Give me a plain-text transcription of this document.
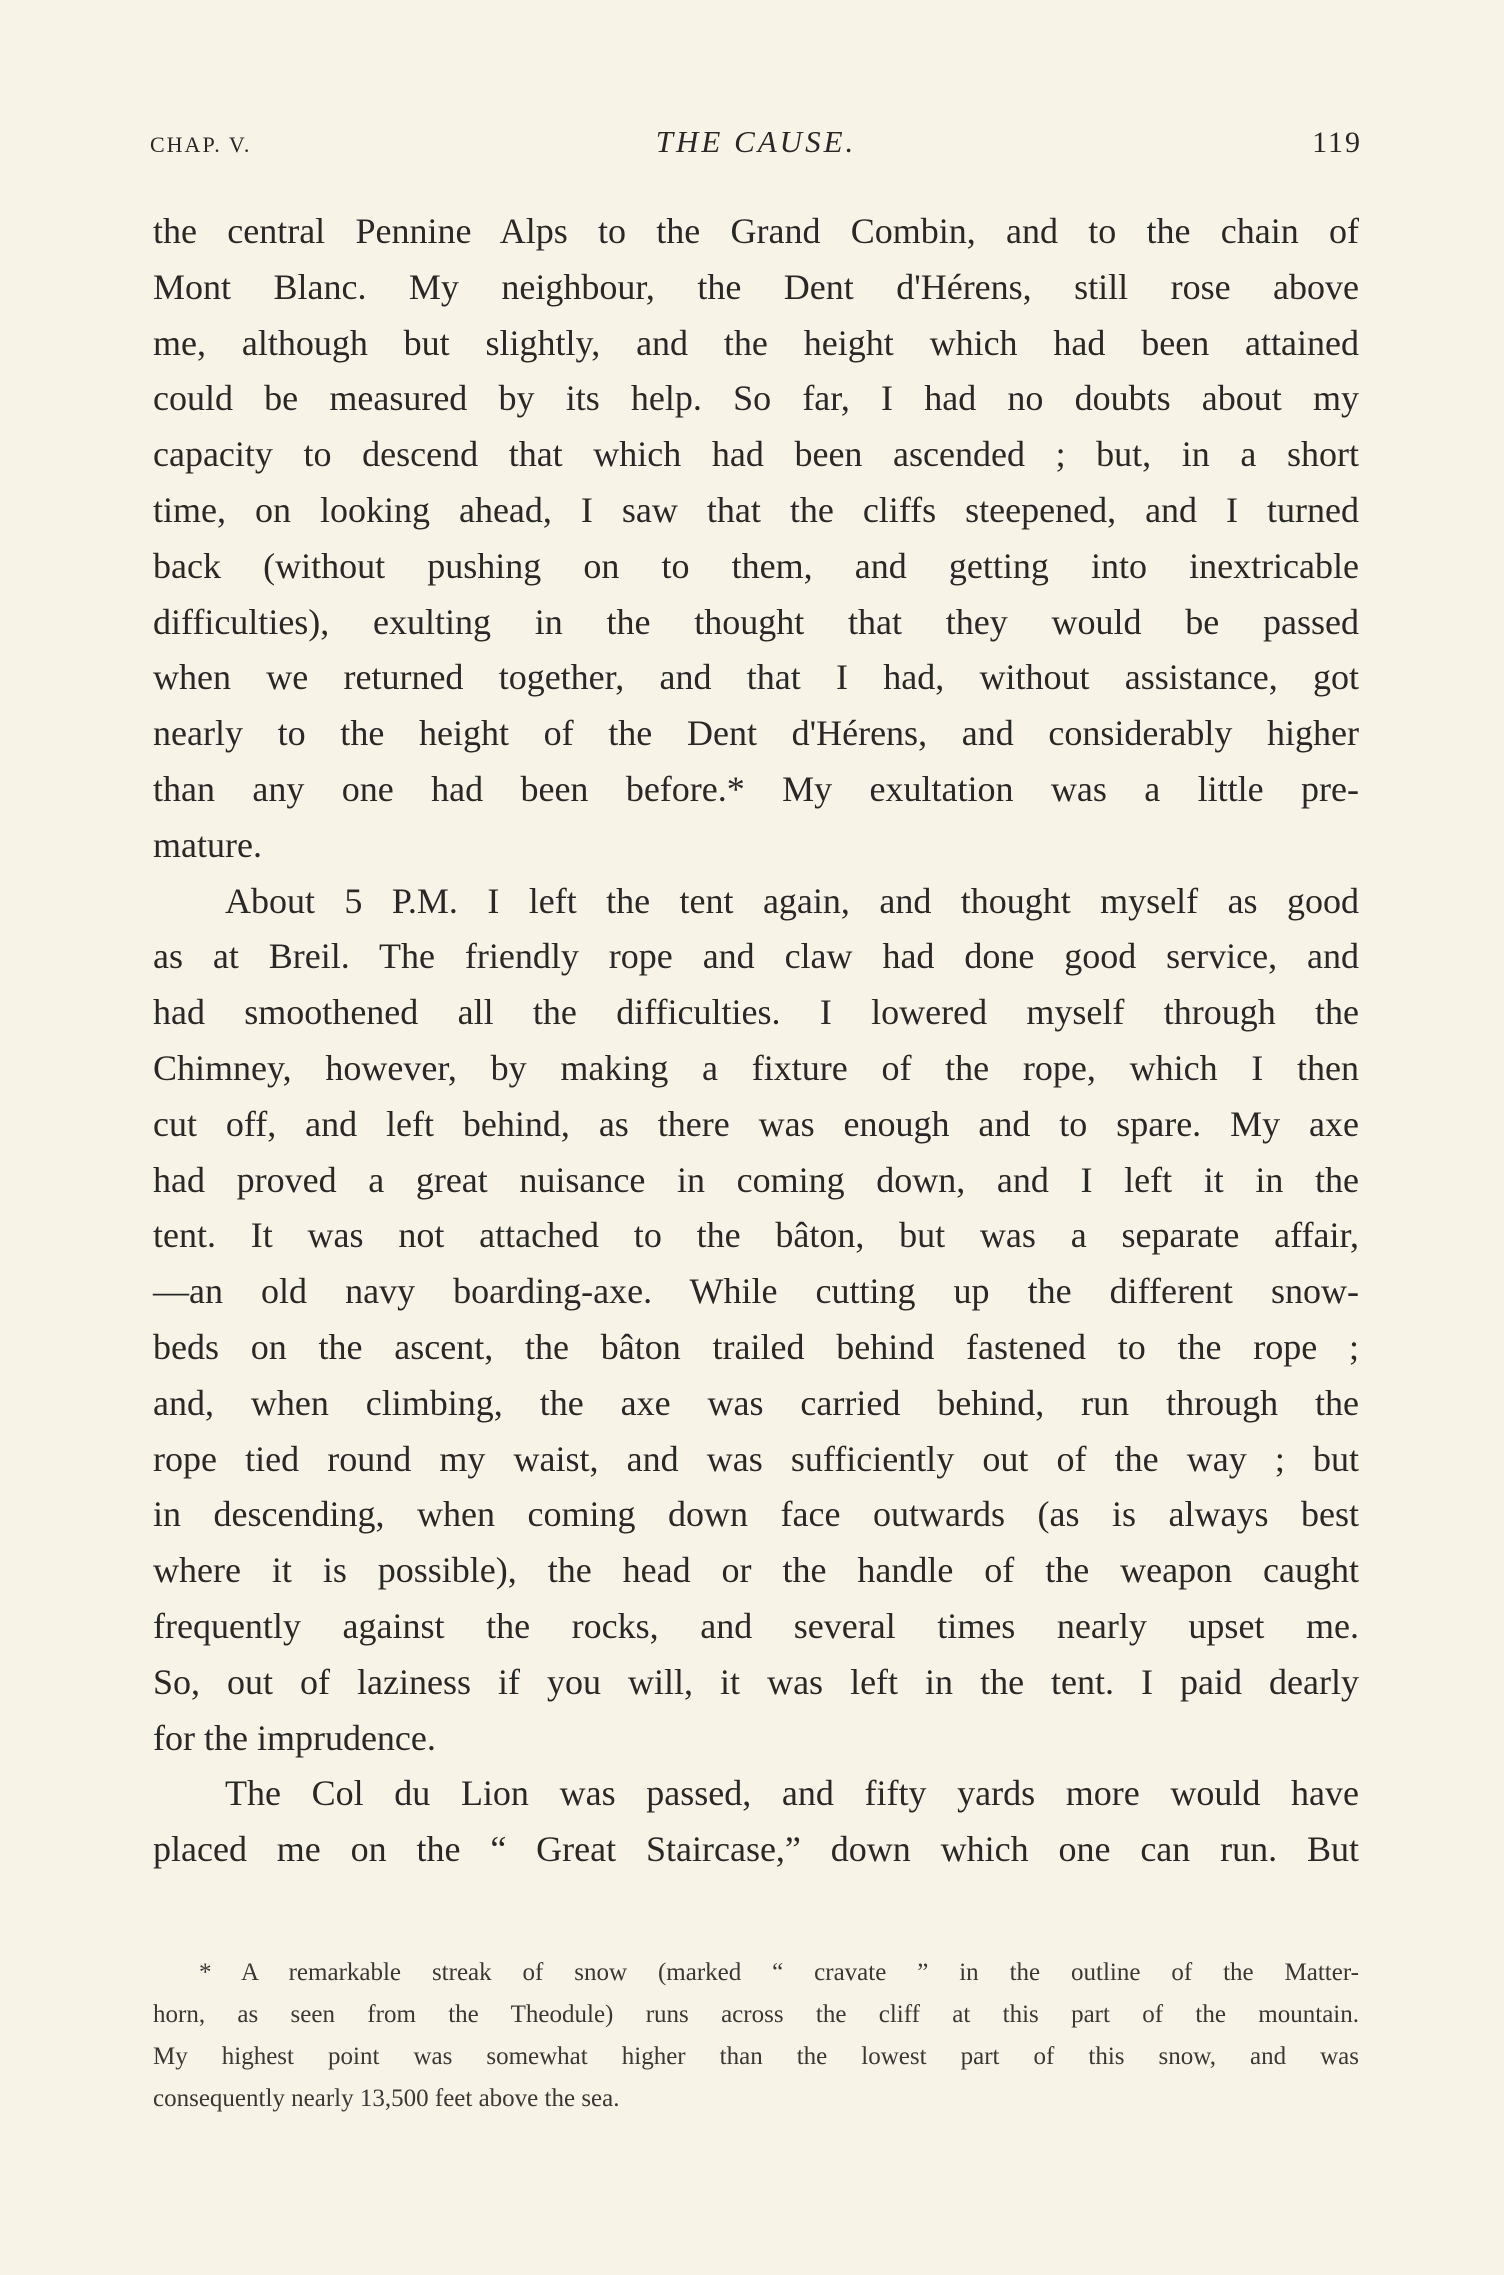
CHAP. V.	THE CAUSE.	119
the central Pennine Alps to the Grand Combin, and to the chain of
Mont Blanc. My neighbour, the Dent d'Hérens, still rose above
me, although but slightly, and the height which had been attained
could be measured by its help. So far, I had no doubts about my
capacity to descend that which had been ascended ; but, in a short
time, on looking ahead, I saw that the cliffs steepened, and I turned
back (without pushing on to them, and getting into inextricable
difficulties), exulting in the thought that they would be passed
when we returned together, and that I had, without assistance, got
nearly to the height of the Dent d'Hérens, and considerably higher
than any one had been before.* My exultation was a little pre-
mature.
About 5 P.M. I left the tent again, and thought myself as good
as at Breil. The friendly rope and claw had done good service, and
had smoothened all the difficulties. I lowered myself through the
Chimney, however, by making a fixture of the rope, which I then
cut off, and left behind, as there was enough and to spare. My axe
had proved a great nuisance in coming down, and I left it in the
tent. It was not attached to the bâton, but was a separate affair,
—an old navy boarding-axe. While cutting up the different snow-
beds on the ascent, the bâton trailed behind fastened to the rope ;
and, when climbing, the axe was carried behind, run through the
rope tied round my waist, and was sufficiently out of the way ; but
in descending, when coming down face outwards (as is always best
where it is possible), the head or the handle of the weapon caught
frequently against the rocks, and several times nearly upset me.
So, out of laziness if you will, it was left in the tent. I paid dearly
for the imprudence.
The Col du Lion was passed, and fifty yards more would have
placed me on the “ Great Staircase,” down which one can run. But
* A remarkable streak of snow (marked “ cravate ” in the outline of the Matter-
horn, as seen from the Theodule) runs across the cliff at this part of the mountain.
My highest point was somewhat higher than the lowest part of this snow, and was
consequently nearly 13,500 feet above the sea.
